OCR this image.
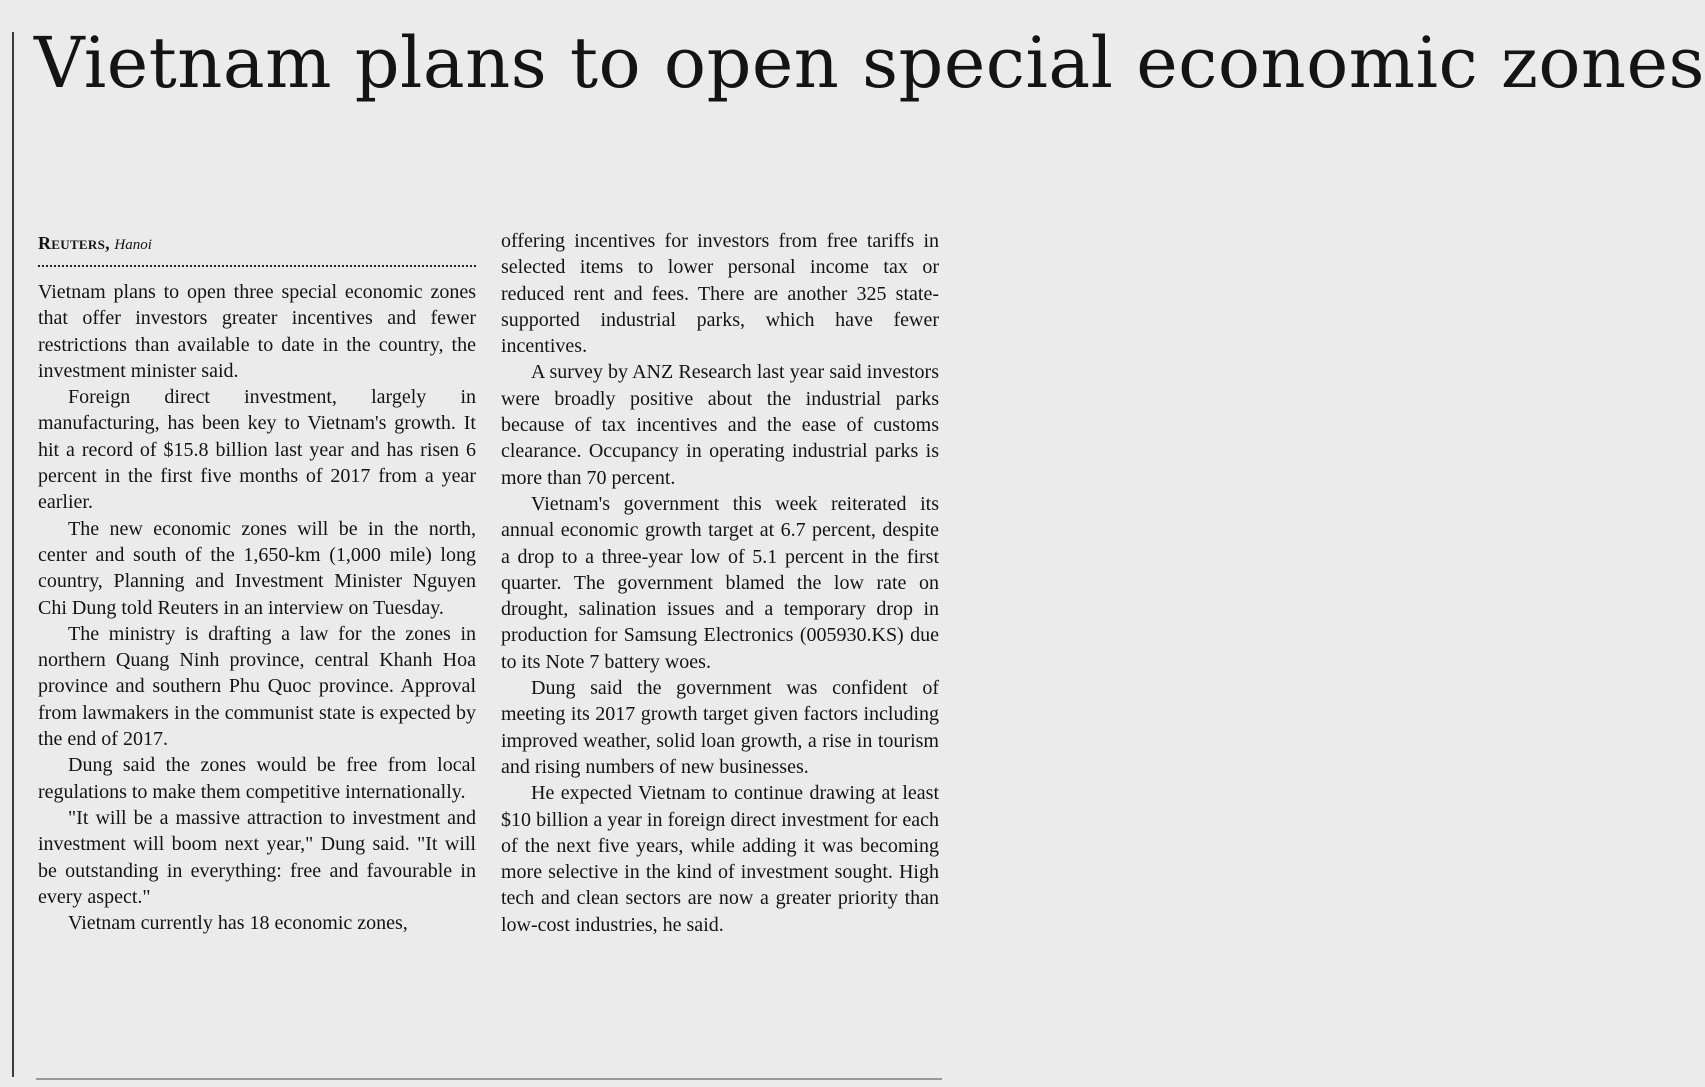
Vietnam plans to open special economic zones
Reuters, Hanoi

Vietnam plans to open three special economic zones that offer investors greater incentives and fewer restrictions than available to date in the country, the investment minister said.

Foreign direct investment, largely in manufacturing, has been key to Vietnam's growth. It hit a record of $15.8 billion last year and has risen 6 percent in the first five months of 2017 from a year earlier.

The new economic zones will be in the north, center and south of the 1,650-km (1,000 mile) long country, Planning and Investment Minister Nguyen Chi Dung told Reuters in an interview on Tuesday.

The ministry is drafting a law for the zones in northern Quang Ninh province, central Khanh Hoa province and southern Phu Quoc province. Approval from lawmakers in the communist state is expected by the end of 2017.

Dung said the zones would be free from local regulations to make them competitive internationally.

"It will be a massive attraction to investment and investment will boom next year," Dung said. "It will be outstanding in everything: free and favourable in every aspect."

Vietnam currently has 18 economic zones,

offering incentives for investors from free tariffs in selected items to lower personal income tax or reduced rent and fees. There are another 325 state-supported industrial parks, which have fewer incentives.

A survey by ANZ Research last year said investors were broadly positive about the industrial parks because of tax incentives and the ease of customs clearance. Occupancy in operating industrial parks is more than 70 percent.

Vietnam's government this week reiterated its annual economic growth target at 6.7 percent, despite a drop to a three-year low of 5.1 percent in the first quarter. The government blamed the low rate on drought, salination issues and a temporary drop in production for Samsung Electronics (005930.KS) due to its Note 7 battery woes.

Dung said the government was confident of meeting its 2017 growth target given factors including improved weather, solid loan growth, a rise in tourism and rising numbers of new businesses.

He expected Vietnam to continue drawing at least $10 billion a year in foreign direct investment for each of the next five years, while adding it was becoming more selective in the kind of investment sought. High tech and clean sectors are now a greater priority than low-cost industries, he said.
